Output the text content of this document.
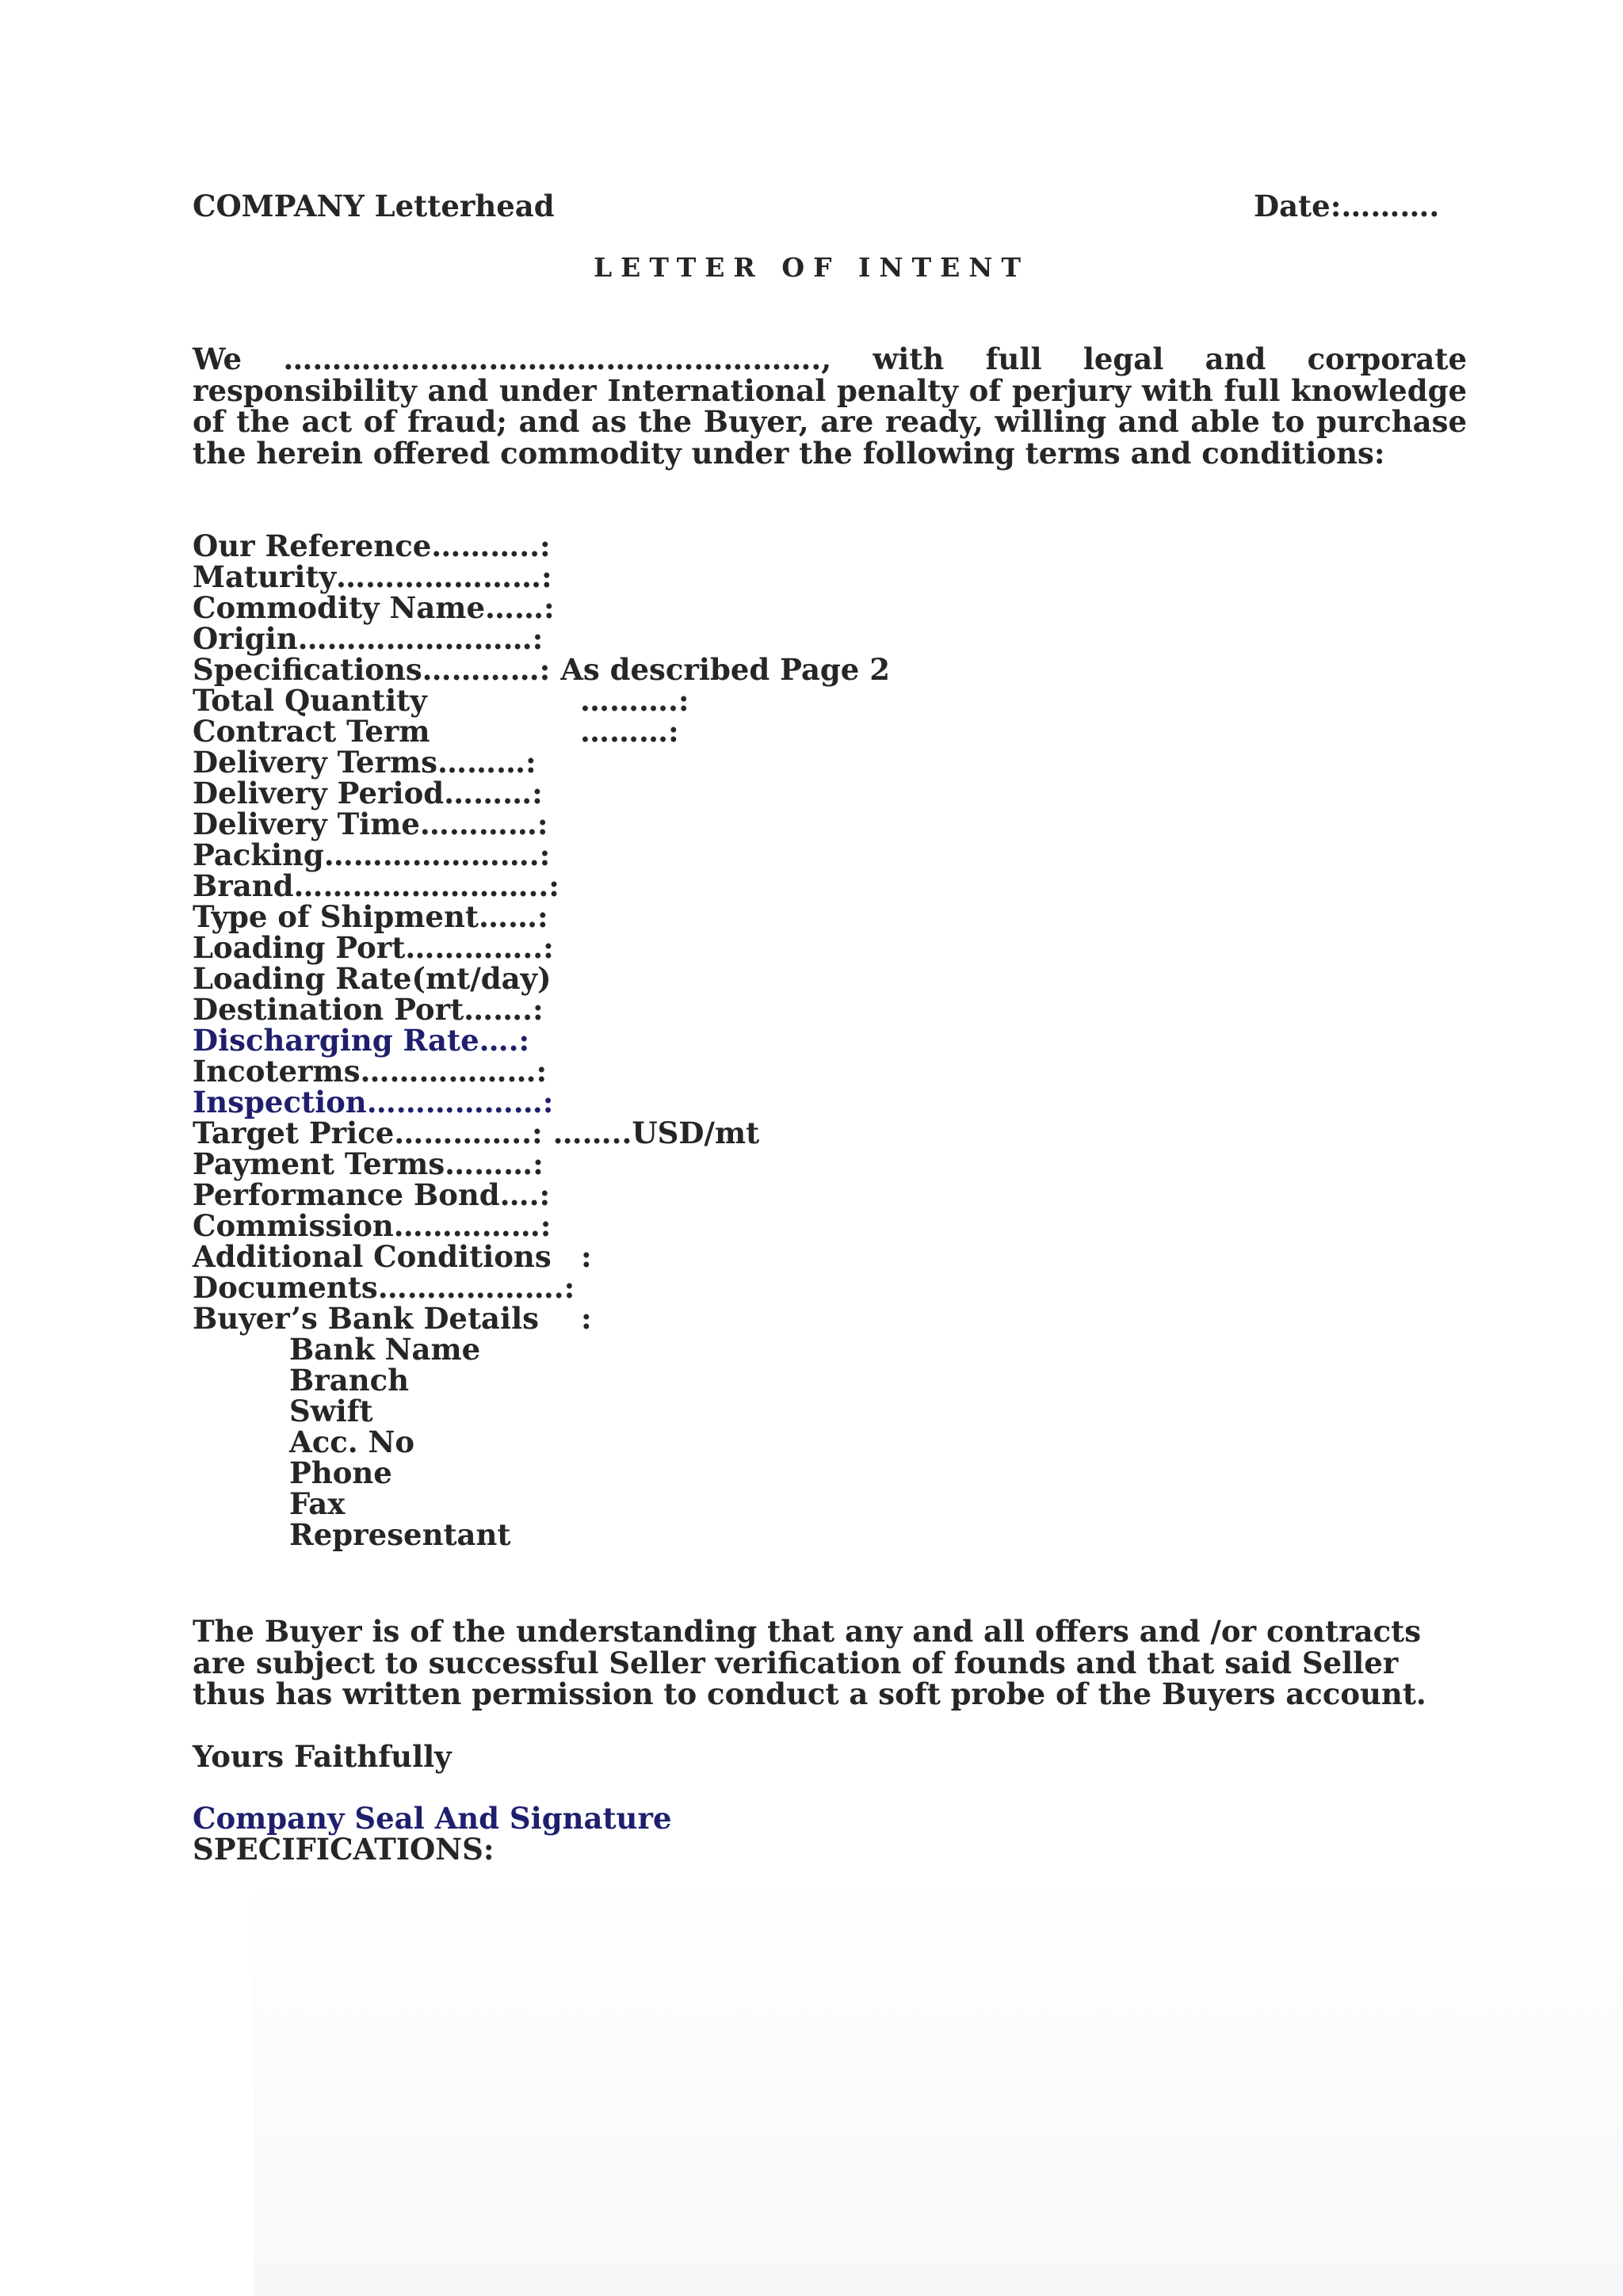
COMPANY Letterhead	Date:……….
LETTER OF INTENT
We ………………………………………………., with full legal and corporate responsibility and under International penalty of perjury with full knowledge of the act of fraud; and as the Buyer, are ready, willing and able to purchase the herein offered commodity under the following terms and conditions:
Our Reference………..:
Maturity…………………:
Commodity Name……:
Origin……………………:
Specifications…………: As described Page 2
Total Quantity	……….:
Contract Term	………:
Delivery Terms………:
Delivery Period………:
Delivery Time…………:
Packing………………….:
Brand……………………..:
Type of Shipment……:
Loading Port…………..:
Loading Rate(mt/day)
Destination Port…….:
Discharging Rate….:
Incoterms………………:
Inspection………………:
Target Price…………..: ……..USD/mt
Payment Terms………:
Performance Bond….:
Commission……………:
Additional Conditions :
Documents……………….:
Buyer’s Bank Details :
Bank Name
Branch
Swift
Acc. No
Phone
Fax
Representant
The Buyer is of the understanding that any and all offers and /or contracts are subject to successful Seller verification of founds and that said Seller thus has written permission to conduct a soft probe of the Buyers account.
Yours Faithfully
Company Seal And Signature
SPECIFICATIONS:
